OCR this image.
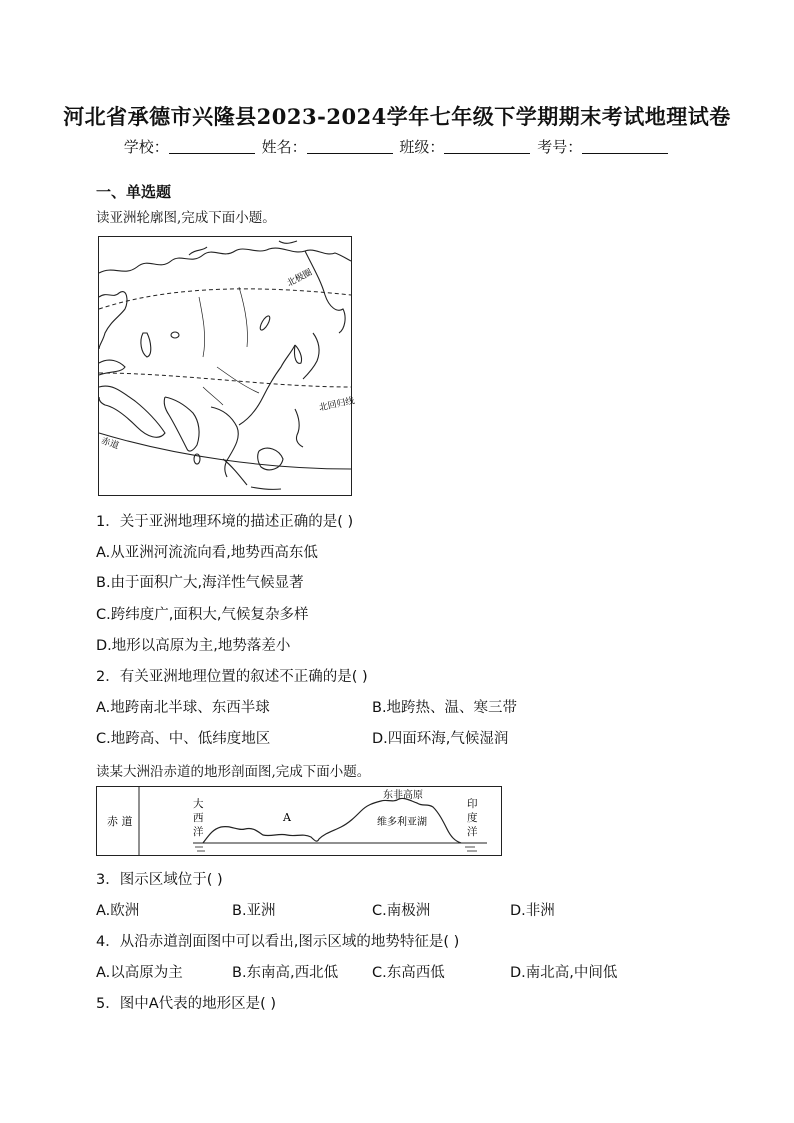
河北省承德市兴隆县2023-2024学年七年级下学期期末考试地理试卷
学校：	姓名：	班级：	考号：
一、单选题
读亚洲轮廓图,完成下面小题。
北极圈
北回归线
赤道
1．关于亚洲地理环境的描述正确的是( )
A.从亚洲河流流向看,地势西高东低
B.由于面积广大,海洋性气候显著
C.跨纬度广,面积大,气候复杂多样
D.地形以高原为主,地势落差小
2．有关亚洲地理位置的叙述不正确的是( )
A.地跨南北半球、东西半球	B.地跨热、温、寒三带
C.地跨高、中、低纬度地区	D.四面环海,气候湿润
读某大洲沿赤道的地形剖面图,完成下面小题。
赤 道
大
西
洋
A
东非高原
维多利亚湖
印
度
洋
3．图示区域位于( )
A.欧洲	B.亚洲	C.南极洲	D.非洲
4．从沿赤道剖面图中可以看出,图示区域的地势特征是( )
A.以高原为主	B.东南高,西北低 C.东高西低	D.南北高,中间低
5．图中A代表的地形区是( )
